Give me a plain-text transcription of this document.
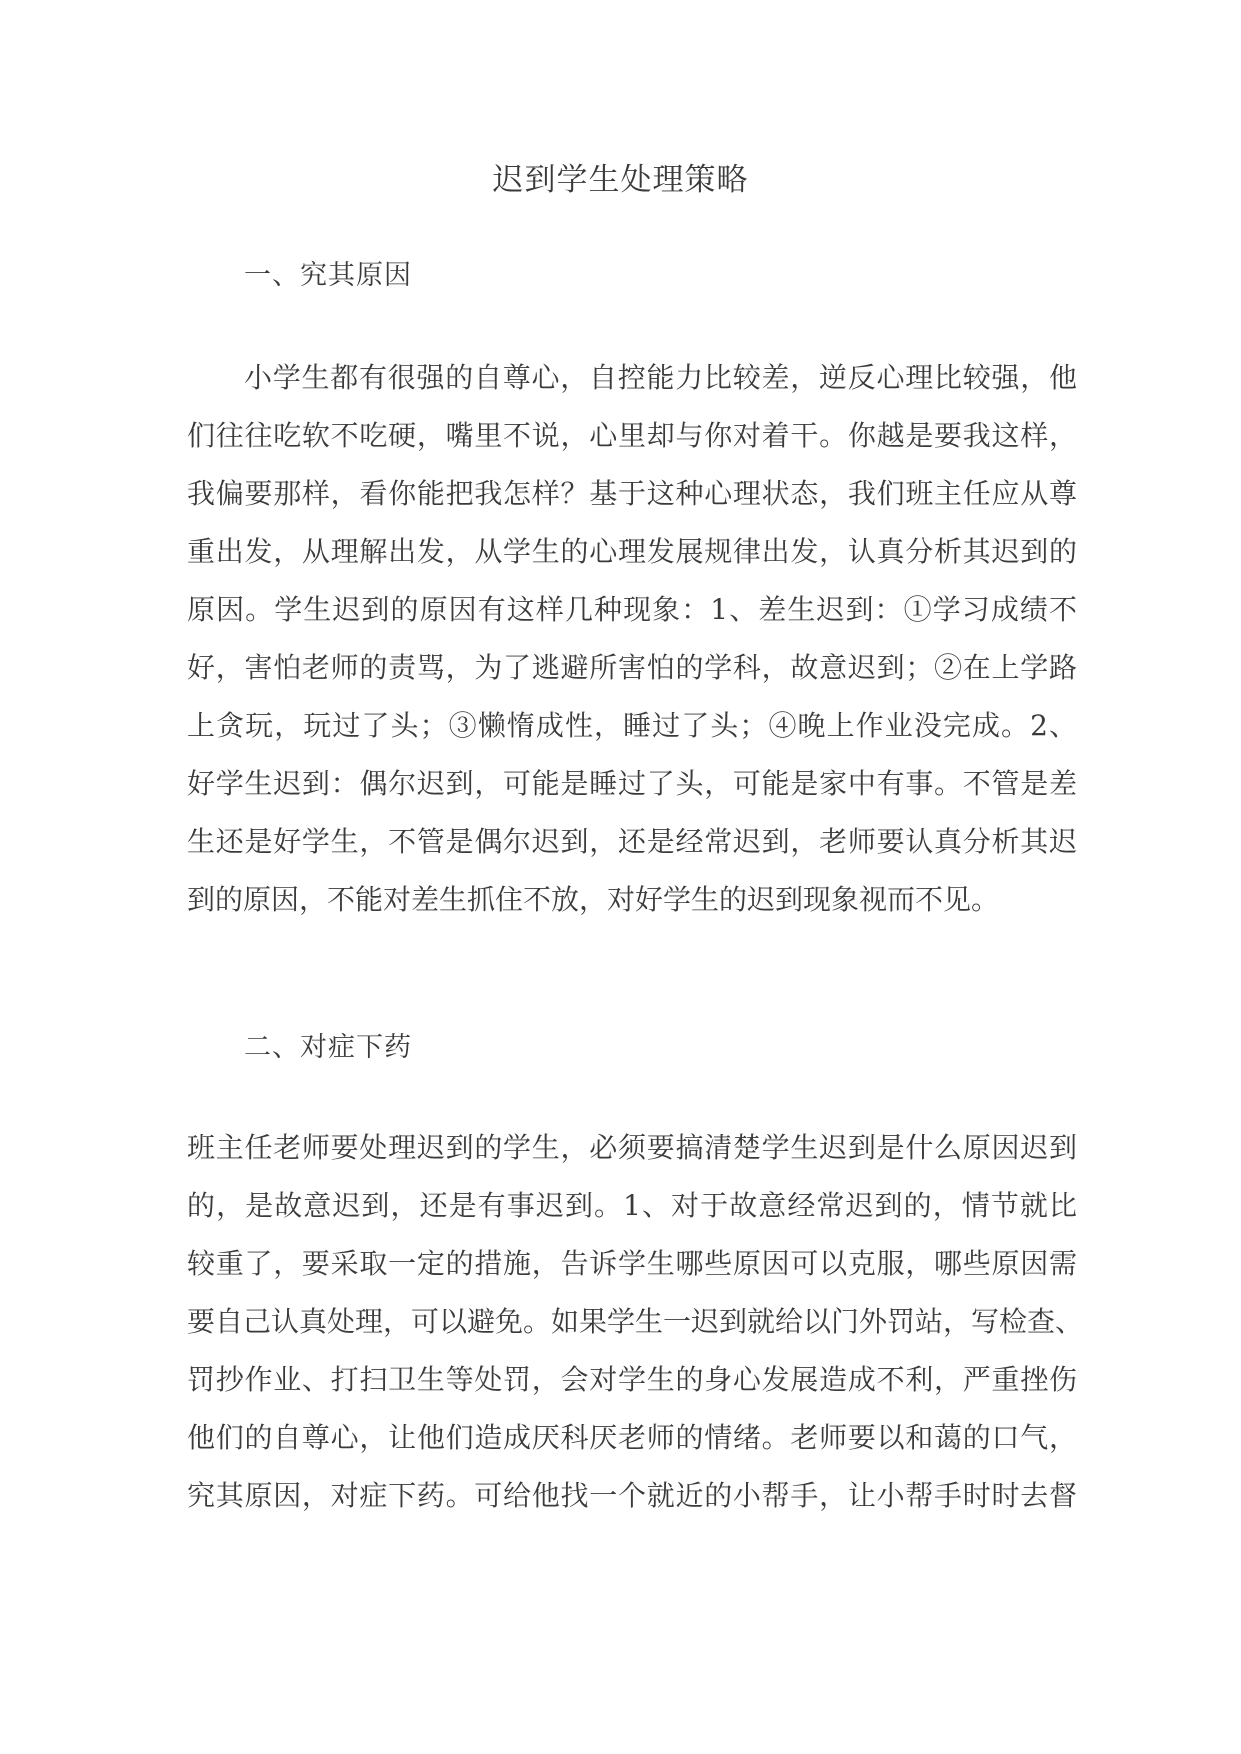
迟到学生处理策略
一、究其原因
小学生都有很强的自尊心，自控能力比较差，逆反心理比较强，他
们往往吃软不吃硬，嘴里不说，心里却与你对着干。你越是要我这样，
我偏要那样，看你能把我怎样？基于这种心理状态，我们班主任应从尊
重出发，从理解出发，从学生的心理发展规律出发，认真分析其迟到的
原因。学生迟到的原因有这样几种现象：1、差生迟到：①学习成绩不
好，害怕老师的责骂，为了逃避所害怕的学科，故意迟到；②在上学路
上贪玩，玩过了头；③懒惰成性，睡过了头；④晚上作业没完成。2、
好学生迟到：偶尔迟到，可能是睡过了头，可能是家中有事。不管是差
生还是好学生，不管是偶尔迟到，还是经常迟到，老师要认真分析其迟
到的原因，不能对差生抓住不放，对好学生的迟到现象视而不见。
二、对症下药
班主任老师要处理迟到的学生，必须要搞清楚学生迟到是什么原因迟到
的，是故意迟到，还是有事迟到。1、对于故意经常迟到的，情节就比
较重了，要采取一定的措施，告诉学生哪些原因可以克服，哪些原因需
要自己认真处理，可以避免。如果学生一迟到就给以门外罚站，写检查、
罚抄作业、打扫卫生等处罚，会对学生的身心发展造成不利，严重挫伤
他们的自尊心，让他们造成厌科厌老师的情绪。老师要以和蔼的口气，
究其原因，对症下药。可给他找一个就近的小帮手，让小帮手时时去督
